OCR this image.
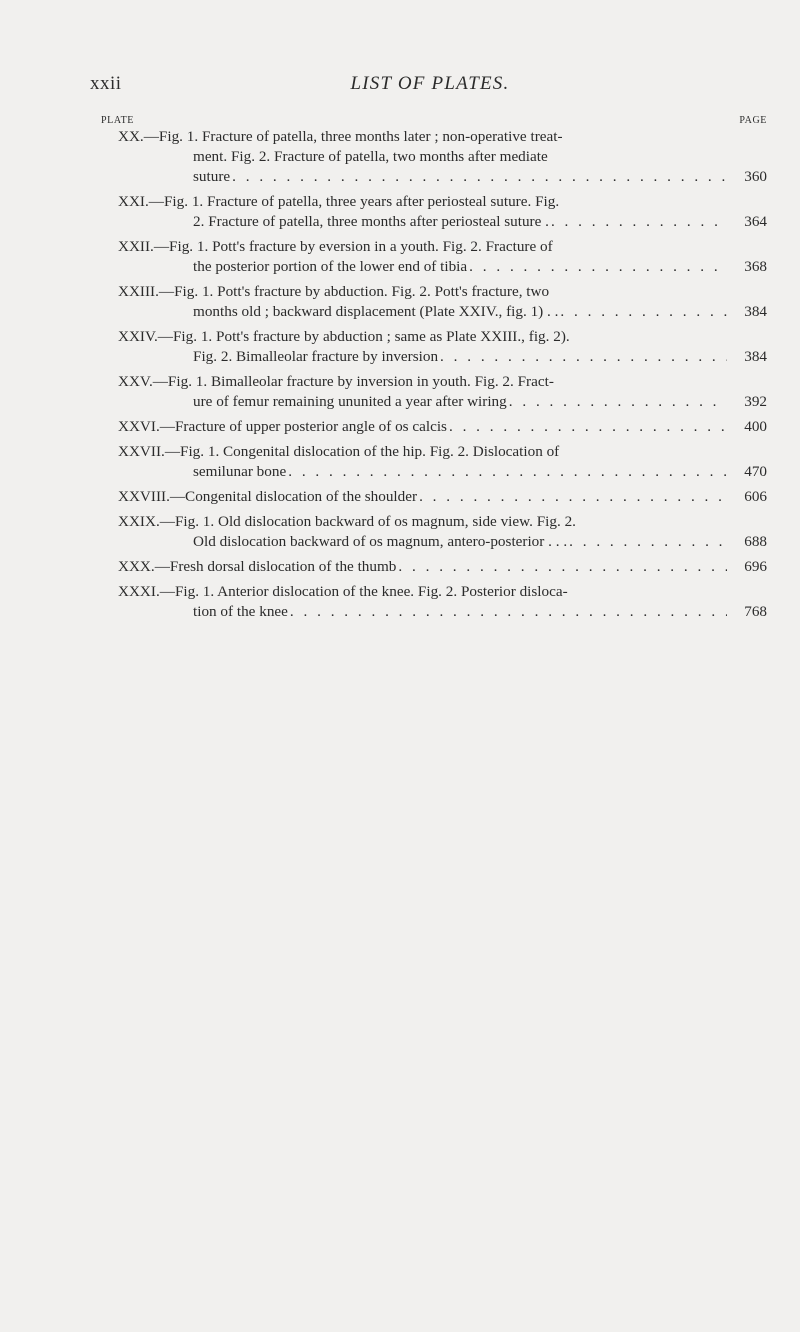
xxii	LIST OF PLATES.
PLATE	PAGE
XX.—Fig. 1. Fracture of patella, three months later ; non-operative treat-
ment. Fig. 2. Fracture of patella, two months after mediate
suture . . .	360
XXI.—Fig. 1. Fracture of patella, three years after periosteal suture. Fig.
2. Fracture of patella, three months after periosteal suture . . . .	364
XXII.—Fig. 1. Pott's fracture by eversion in a youth. Fig. 2. Fracture of
the posterior portion of the lower end of tibia . . .	368
XXIII.—Fig. 1. Pott's fracture by abduction. Fig. 2. Pott's fracture, two
months old ; backward displacement (Plate XXIV., fig. 1) . . . . .	384
XXIV.—Fig. 1. Pott's fracture by abduction ; same as Plate XXIII., fig. 2).
Fig. 2. Bimalleolar fracture by inversion . . .	384
XXV.—Fig. 1. Bimalleolar fracture by inversion in youth. Fig. 2. Fract-
ure of femur remaining ununited a year after wiring . . .	392
XXVI.—Fracture of upper posterior angle of os calcis . . .	400
XXVII.—Fig. 1. Congenital dislocation of the hip. Fig. 2. Dislocation of
semilunar bone . . .	470
XXVIII.—Congenital dislocation of the shoulder . . .	606
XXIX.—Fig. 1. Old dislocation backward of os magnum, side view. Fig. 2.
Old dislocation backward of os magnum, antero-posterior . . . . . .	688
XXX.—Fresh dorsal dislocation of the thumb . . .	696
XXXI.—Fig. 1. Anterior dislocation of the knee. Fig. 2. Posterior disloca-
tion of the knee . . .	768
